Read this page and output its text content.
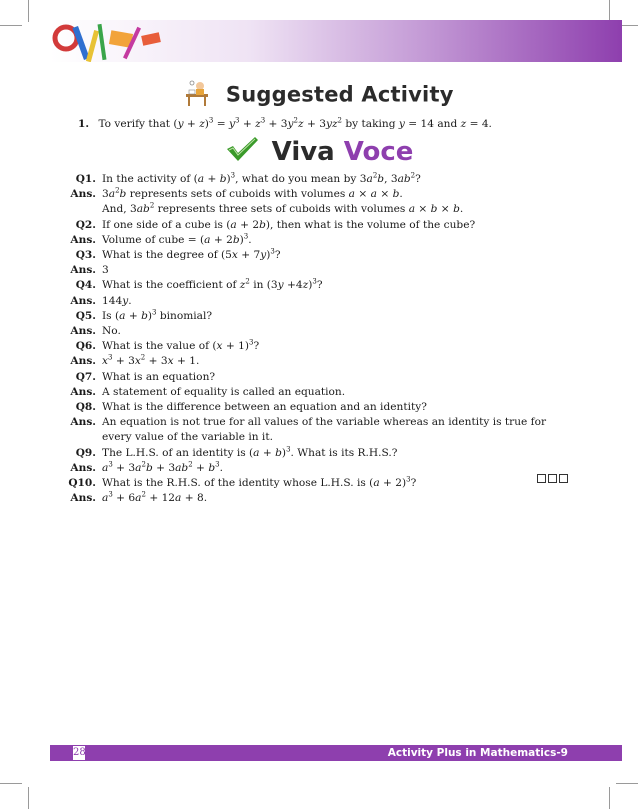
Suggested Activity
1. To verify that $(y + z)^3 = y^3 + z^3 + 3y^2z + 3yz^2$ by taking y = 14 and z = 4.
Viva Voce
Q1. In the activity of $(a + b)^3$, what do you mean by $3a^2b$, $3ab^2$?
Ans. $3a^2b$ represents sets of cuboids with volumes a × a × b.
And, $3ab^2$ represents three sets of cuboids with volumes a × b × b.
Q2. If one side of a cube is (a + 2b), then what is the volume of the cube?
Ans. Volume of cube = $(a + 2b)^3$.
Q3. What is the degree of $(5x + 7y)^3$?
Ans. 3
Q4. What is the coefficient of $z^2$ in $(3y +4z)^3$?
Ans. 144y.
Q5. Is $(a + b)^3$ binomial?
Ans. No.
Q6. What is the value of $(x + 1)^3$?
Ans. $x^3 + 3x^2 + 3x + 1$.
Q7. What is an equation?
Ans. A statement of equality is called an equation.
Q8. What is the difference between an equation and an identity?
Ans. An equation is not true for all values of the variable whereas an identity is true for every value of the variable in it.
Q9. The L.H.S. of an identity is $(a + b)^3$. What is its R.H.S.?
Ans. $a^3 + 3a^2b + 3ab^2 + b^3$.
Q10. What is the R.H.S. of the identity whose L.H.S. is $(a + 2)^3$?
Ans. $a^3 + 6a^2 + 12a + 8$.
28	Activity Plus in Mathematics-9
